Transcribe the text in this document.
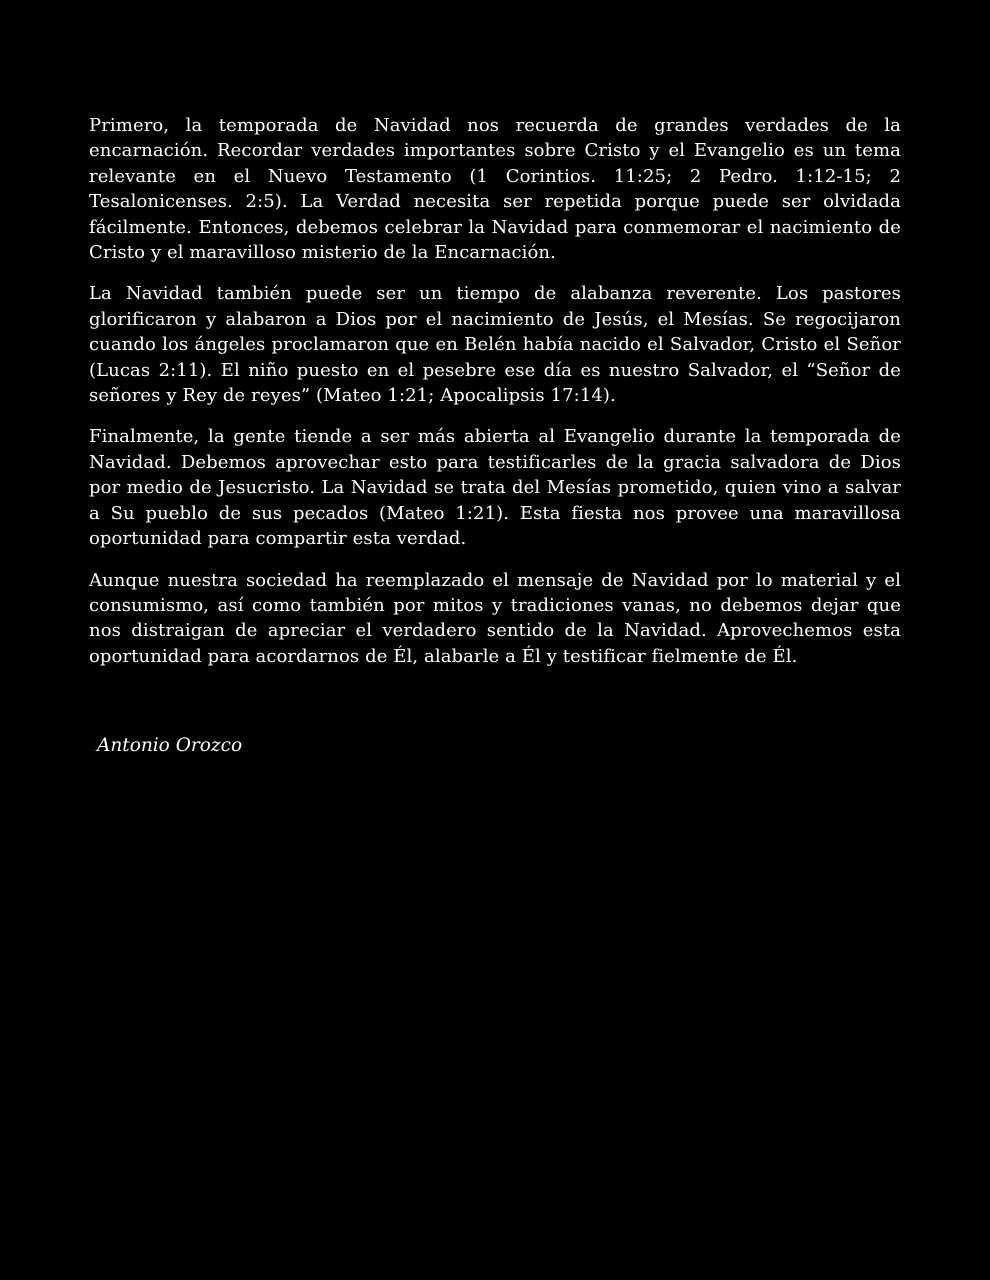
Primero, la temporada de Navidad nos recuerda de grandes verdades de la encarnación. Recordar verdades importantes sobre Cristo y el Evangelio es un tema relevante en el Nuevo Testamento (1 Corintios. 11:25; 2 Pedro. 1:12-15; 2 Tesalonicenses. 2:5). La Verdad necesita ser repetida porque puede ser olvidada fácilmente. Entonces, debemos celebrar la Navidad para conmemorar el nacimiento de Cristo y el maravilloso misterio de la Encarnación.

La Navidad también puede ser un tiempo de alabanza reverente. Los pastores glorificaron y alabaron a Dios por el nacimiento de Jesús, el Mesías. Se regocijaron cuando los ángeles proclamaron que en Belén había nacido el Salvador, Cristo el Señor (Lucas 2:11). El niño puesto en el pesebre ese día es nuestro Salvador, el “Señor de señores y Rey de reyes” (Mateo 1:21; Apocalipsis 17:14).

Finalmente, la gente tiende a ser más abierta al Evangelio durante la temporada de Navidad. Debemos aprovechar esto para testificarles de la gracia salvadora de Dios por medio de Jesucristo. La Navidad se trata del Mesías prometido, quien vino a salvar a Su pueblo de sus pecados (Mateo 1:21). Esta fiesta nos provee una maravillosa oportunidad para compartir esta verdad.

Aunque nuestra sociedad ha reemplazado el mensaje de Navidad por lo material y el consumismo, así como también por mitos y tradiciones vanas, no debemos dejar que nos distraigan de apreciar el verdadero sentido de la Navidad. Aprovechemos esta oportunidad para acordarnos de Él, alabarle a Él y testificar fielmente de Él.

Antonio Orozco
